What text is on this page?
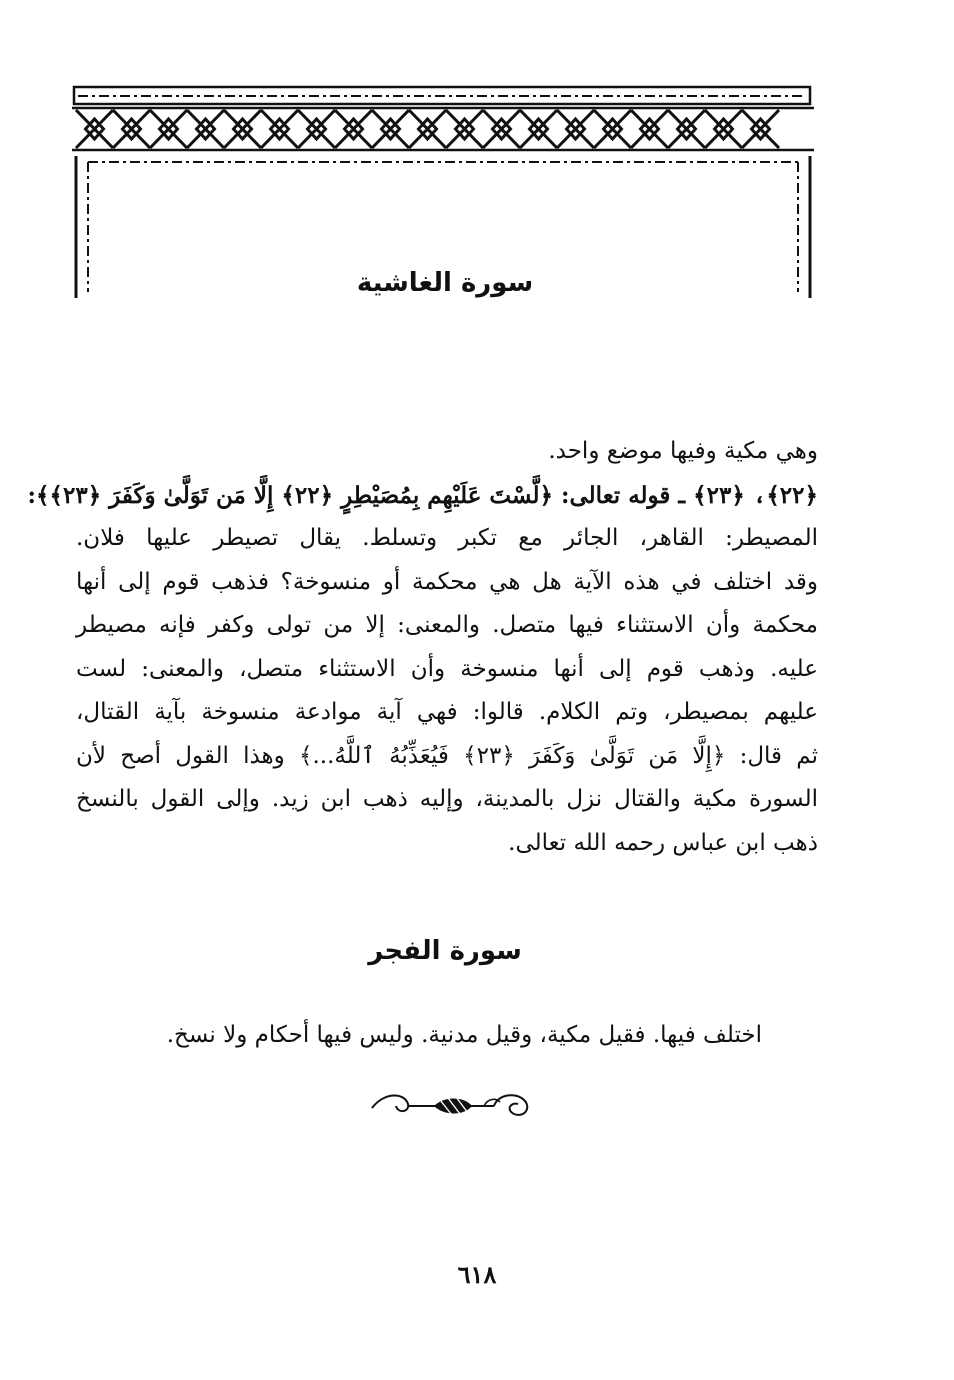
سورة الغاشية
وهي مكية وفيها موضع واحد.
﴿٢٢﴾، ﴿٢٣﴾ ـ قوله تعالى: ﴿لَّسْتَ عَلَيْهِم بِمُصَيْطِرٍ ﴿٢٢﴾ إِلَّا مَن تَوَلَّىٰ وَكَفَرَ ﴿٢٣﴾﴾:
المصيطر: القاهر، الجائر مع تكبر وتسلط. يقال تصيطر عليها فلان.
وقد اختلف في هذه الآية هل هي محكمة أو منسوخة؟ فذهب قوم إلى أنها
محكمة وأن الاستثناء فيها متصل. والمعنى: إلا من تولى وكفر فإنه مصيطر
عليه. وذهب قوم إلى أنها منسوخة وأن الاستثناء متصل، والمعنى: لست
عليهم بمصيطر، وتم الكلام. قالوا: فهي آية موادعة منسوخة بآية القتال،
ثم قال: ﴿إِلَّا مَن تَوَلَّىٰ وَكَفَرَ ﴿٢٣﴾ فَيُعَذِّبُهُ ٱللَّهُ...﴾ وهذا القول أصح لأن
السورة مكية والقتال نزل بالمدينة، وإليه ذهب ابن زيد. وإلى القول بالنسخ
ذهب ابن عباس رحمه الله تعالى.
سورة الفجر
اختلف فيها. فقيل مكية، وقيل مدنية. وليس فيها أحكام ولا نسخ.
٦١٨
